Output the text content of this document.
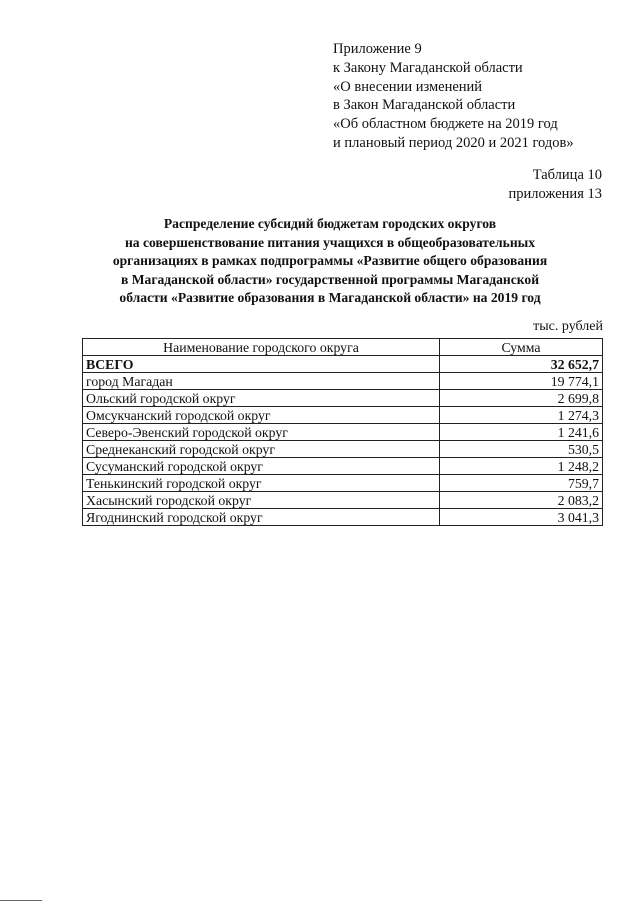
Приложение 9
к Закону Магаданской области
«О внесении изменений
в Закон Магаданской области
«Об областном бюджете на 2019 год
и плановый период 2020 и 2021 годов»
Таблица 10
приложения 13
Распределение субсидий бюджетам городских округов
на совершенствование питания учащихся в общеобразовательных
организациях в рамках подпрограммы «Развитие общего образования
в Магаданской области» государственной программы Магаданской
области «Развитие образования в Магаданской области» на 2019 год
тыс. рублей
Наименование городского округа	Сумма
ВСЕГО	32 652,7
город Магадан	19 774,1
Ольский городской округ	2 699,8
Омсукчанский городской округ	1 274,3
Северо-Эвенский городской округ	1 241,6
Среднеканский городской округ	530,5
Сусуманский городской округ	1 248,2
Тенькинский городской округ	759,7
Хасынский городской округ	2 083,2
Ягоднинский городской округ	3 041,3
